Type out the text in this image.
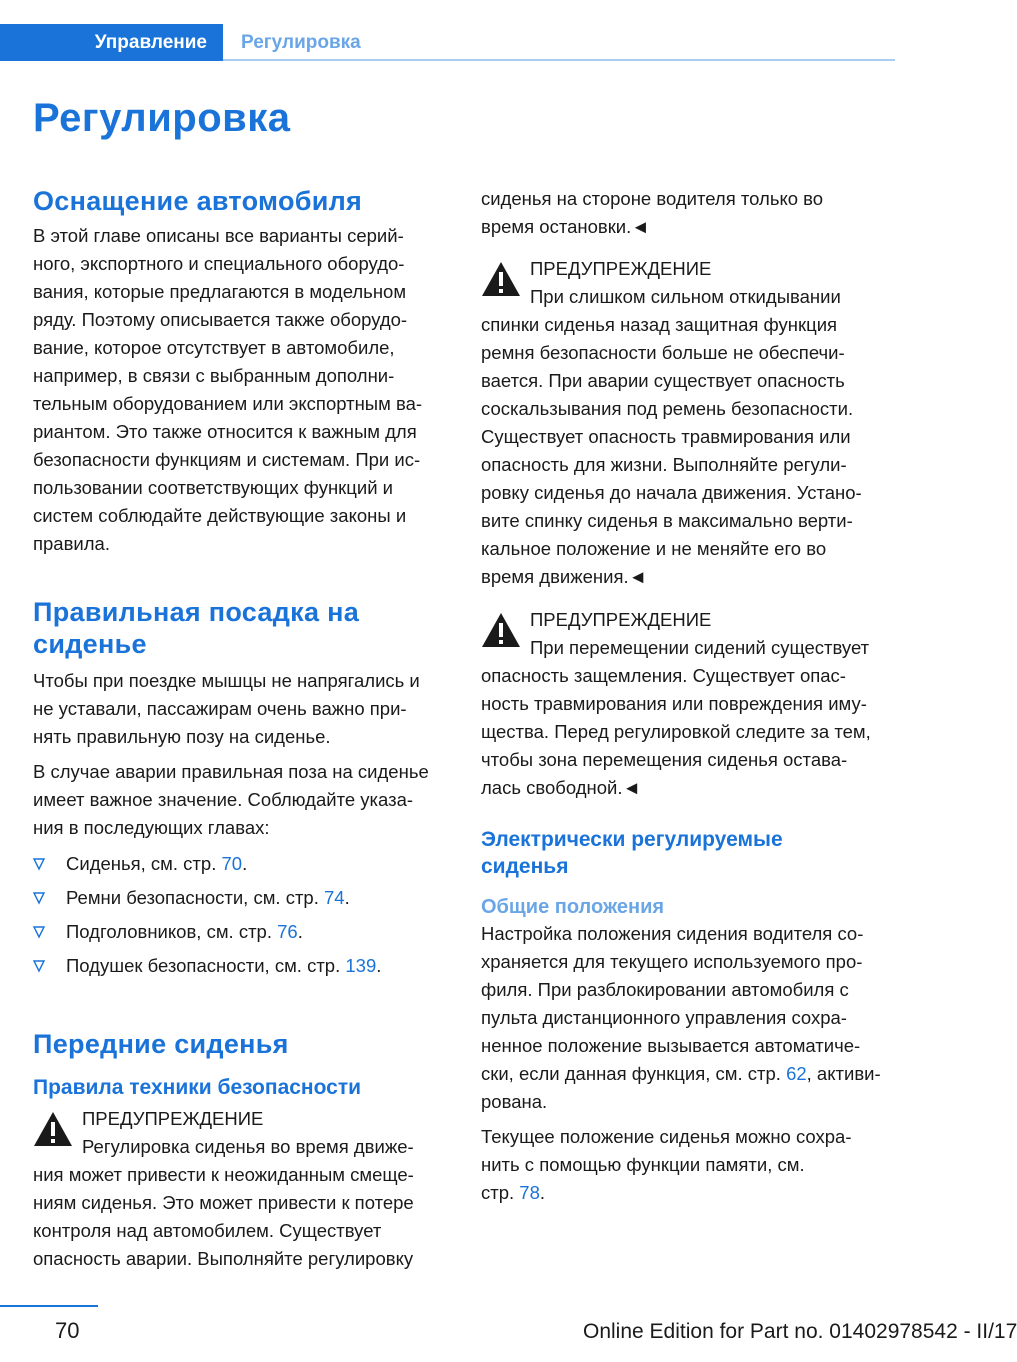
Управление Регулировка
Регулировка
Оснащение автомобиля

В этой главе описаны все варианты серий-
ного, экспортного и специального оборудо-
вания, которые предлагаются в модельном
ряду. Поэтому описывается также оборудо-
вание, которое отсутствует в автомобиле,
например, в связи с выбранным дополни-
тельным оборудованием или экспортным ва-
риантом. Это также относится к важным для
безопасности функциям и системам. При ис-
пользовании соответствующих функций и
систем соблюдайте действующие законы и
правила.

Правильная посадка на
сиденье

Чтобы при поездке мышцы не напрягались и
не уставали, пассажирам очень важно при-
нять правильную позу на сиденье.

В случае аварии правильная поза на сиденье
имеет важное значение. Соблюдайте указа-
ния в последующих главах:

Сиденья, см. стр. 70.
Ремни безопасности, см. стр. 74.
Подголовников, см. стр. 76.
Подушек безопасности, см. стр. 139.
Передние сиденья
Правила техники безопасности
ПРЕДУПРЕЖДЕНИЕ
Регулировка сиденья во время движе-
ния может привести к неожиданным смеще-
ниям сиденья. Это может привести к потере
контроля над автомобилем. Существует
опасность аварии. Выполняйте регулировку

сиденья на стороне водителя только во
время остановки.◄

ПРЕДУПРЕЖДЕНИЕ
При слишком сильном откидывании
спинки сиденья назад защитная функция
ремня безопасности больше не обеспечи-
вается. При аварии существует опасность
соскальзывания под ремень безопасности.
Существует опасность травмирования или
опасность для жизни. Выполняйте регули-
ровку сиденья до начала движения. Устано-
вите спинку сиденья в максимально верти-
кальное положение и не меняйте его во
время движения.◄
ПРЕДУПРЕЖДЕНИЕ
При перемещении сидений существует
опасность защемления. Существует опас-
ность травмирования или повреждения иму-
щества. Перед регулировкой следите за тем,
чтобы зона перемещения сиденья остава-
лась свободной.◄
Электрически регулируемые
сиденья
Общие положения

Настройка положения сидения водителя со-
храняется для текущего используемого про-
филя. При разблокировании автомобиля с
пульта дистанционного управления сохра-
ненное положение вызывается автоматиче-
ски, если данная функция, см. стр. 62, активи-
рована.

Текущее положение сиденья можно сохра-
нить с помощью функции памяти, см.
стр. 78.

70	Online Edition for Part no. 01402978542 - II/17
